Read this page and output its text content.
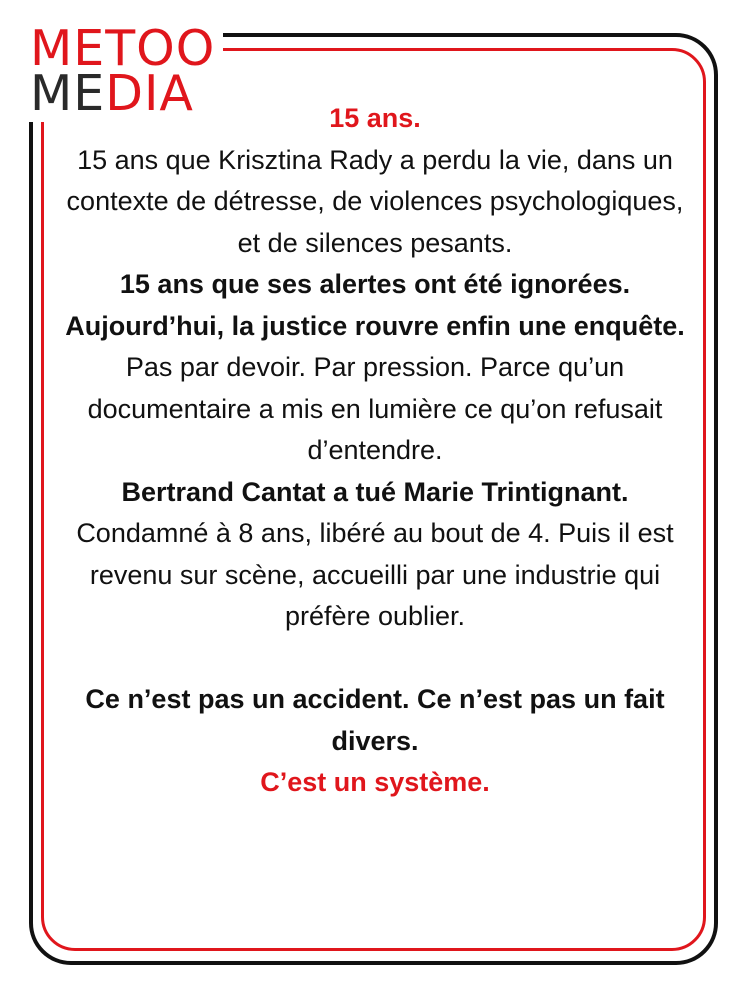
METOO
MEDIA	15 ans.

15 ans que Krisztina Rady a perdu la vie, dans un contexte de détresse, de violences psychologiques, et de silences pesants.

15 ans que ses alertes ont été ignorées. Aujourd’hui, la justice rouvre enfin une enquête.

Pas par devoir. Par pression. Parce qu’un documentaire a mis en lumière ce qu’on refusait d’entendre.

Bertrand Cantat a tué Marie Trintignant.

Condamné à 8 ans, libéré au bout de 4. Puis il est revenu sur scène, accueilli par une industrie qui préfère oublier.

Ce n’est pas un accident. Ce n’est pas un fait divers.

C’est un système.
